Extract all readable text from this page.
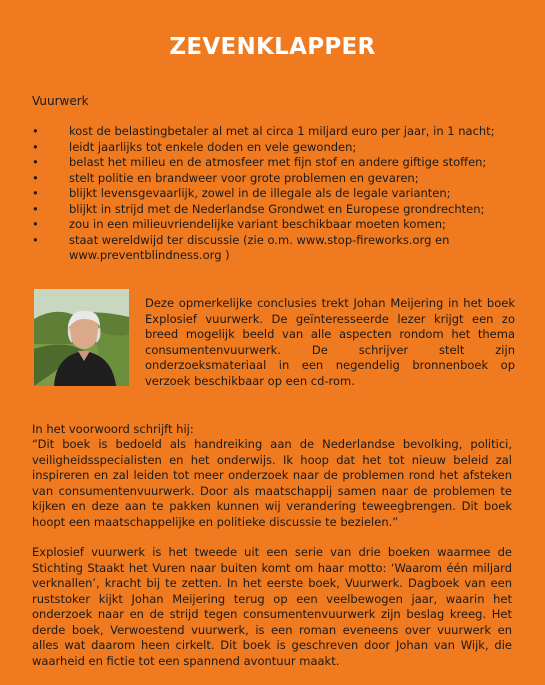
ZEVENKLAPPER
Vuurwerk
•	kost de belastingbetaler al met al circa 1 miljard euro per jaar, in 1 nacht;
•	leidt jaarlijks tot enkele doden en vele gewonden;
•	belast het milieu en de atmosfeer met fijn stof en andere giftige stoffen;
•	stelt politie en brandweer voor grote problemen en gevaren;
•	blijkt levensgevaarlijk, zowel in de illegale als de legale varianten;
•	blijkt in strijd met de Nederlandse Grondwet en Europese grondrechten;
•	zou in een milieuvriendelijke variant beschikbaar moeten komen;
•	staat wereldwijd ter discussie (zie o.m. www.stop-fireworks.org en www.preventblindness.org )

Deze opmerkelijke conclusies trekt Johan Meijering in het boek Explosief vuurwerk. De geïnteresseerde lezer krijgt een zo breed mogelijk beeld van alle aspecten rondom het thema consumentenvuurwerk. De schrijver stelt zijn onderzoeksmateriaal in een negendelig bronnenboek op verzoek beschikbaar op een cd-rom.

In het voorwoord schrijft hij:

“Dit boek is bedoeld als handreiking aan de Nederlandse bevolking, politici, veiligheidsspecialisten en het onderwijs. Ik hoop dat het tot nieuw beleid zal inspireren en zal leiden tot meer onderzoek naar de problemen rond het afsteken van consumentenvuurwerk. Door als maatschappij samen naar de problemen te kijken en deze aan te pakken kunnen wij verandering teweegbrengen. Dit boek hoopt een maatschappelijke en politieke discussie te bezielen.”

Explosief vuurwerk is het tweede uit een serie van drie boeken waarmee de Stichting Staakt het Vuren naar buiten komt om haar motto: ‘Waarom één miljard verknallen’, kracht bij te zetten. In het eerste boek, Vuurwerk. Dagboek van een ruststoker kijkt Johan Meijering terug op een veelbewogen jaar, waarin het onderzoek naar en de strijd tegen consumentenvuurwerk zijn beslag kreeg. Het derde boek, Verwoestend vuurwerk, is een roman eveneens over vuurwerk en alles wat daarom heen cirkelt. Dit boek is geschreven door Johan van Wijk, die waarheid en fictie tot een spannend avontuur maakt.
